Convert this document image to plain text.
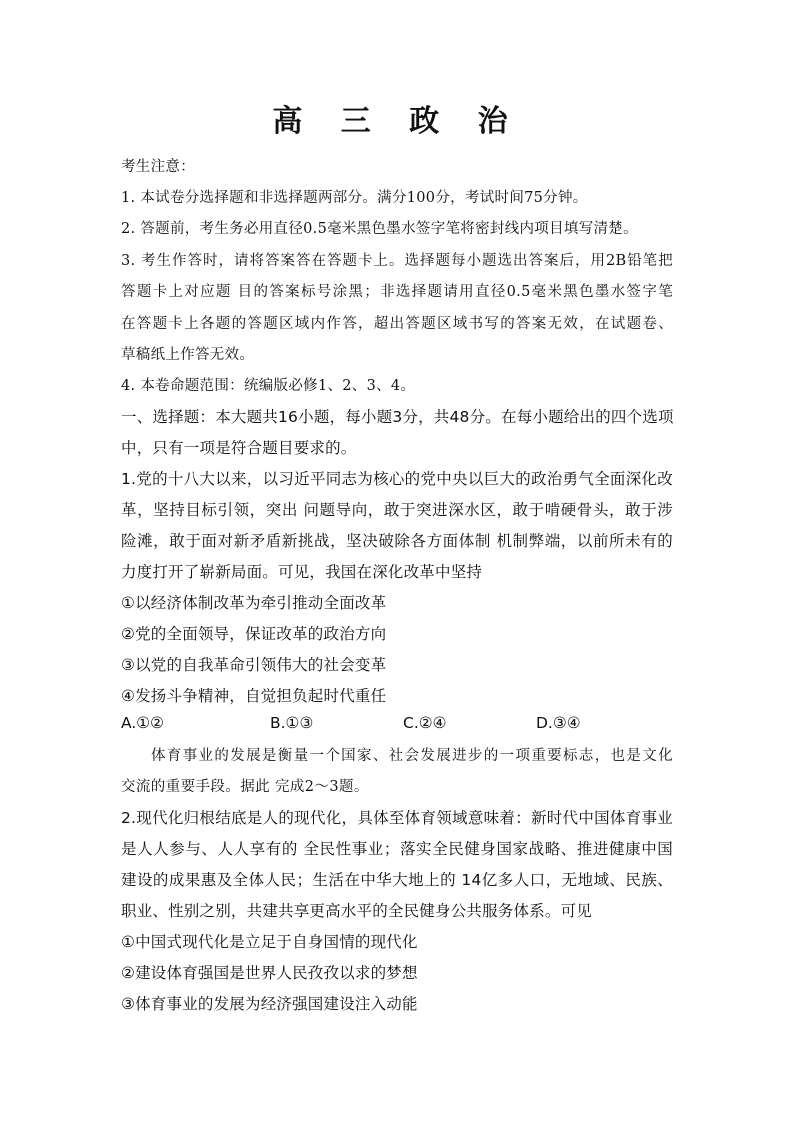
高 三 政 治
考生注意：
1. 本试卷分选择题和非选择题两部分。满分100分，考试时间75分钟。
2. 答题前，考生务必用直径0.5毫米黑色墨水签字笔将密封线内项目填写清楚。
3. 考生作答时，请将答案答在答题卡上。选择题每小题选出答案后，用2B铅笔把
答题卡上对应题 目的答案标号涂黑；非选择题请用直径0.5毫米黑色墨水签字笔
在答题卡上各题的答题区域内作答，超出答题区域书写的答案无效，在试题卷、
草稿纸上作答无效。
4. 本卷命题范围：统编版必修1、2、3、4。
一、选择题：本大题共16小题，每小题3分，共48分。在每小题给出的四个选项
中，只有一项是符合题目要求的。
1.党的十八大以来，以习近平同志为核心的党中央以巨大的政治勇气全面深化改
革，坚持目标引领，突出 问题导向，敢于突进深水区，敢于啃硬骨头，敢于涉
险滩，敢于面对新矛盾新挑战，坚决破除各方面体制 机制弊端，以前所未有的
力度打开了崭新局面。可见，我国在深化改革中坚持
①以经济体制改革为牵引推动全面改革
②党的全面领导，保证改革的政治方向
③以党的自我革命引领伟大的社会变革
④发扬斗争精神，自觉担负起时代重任
A.①②	B.①③	C.②④	D.③④
体育事业的发展是衡量一个国家、社会发展进步的一项重要标志，也是文化
交流的重要手段。据此 完成2～3题。
2.现代化归根结底是人的现代化，具体至体育领域意味着：新时代中国体育事业
是人人参与、人人享有的 全民性事业；落实全民健身国家战略、推进健康中国
建设的成果惠及全体人民；生活在中华大地上的 14亿多人口，无地域、民族、
职业、性别之别，共建共享更高水平的全民健身公共服务体系。可见
①中国式现代化是立足于自身国情的现代化
②建设体育强国是世界人民孜孜以求的梦想
③体育事业的发展为经济强国建设注入动能
